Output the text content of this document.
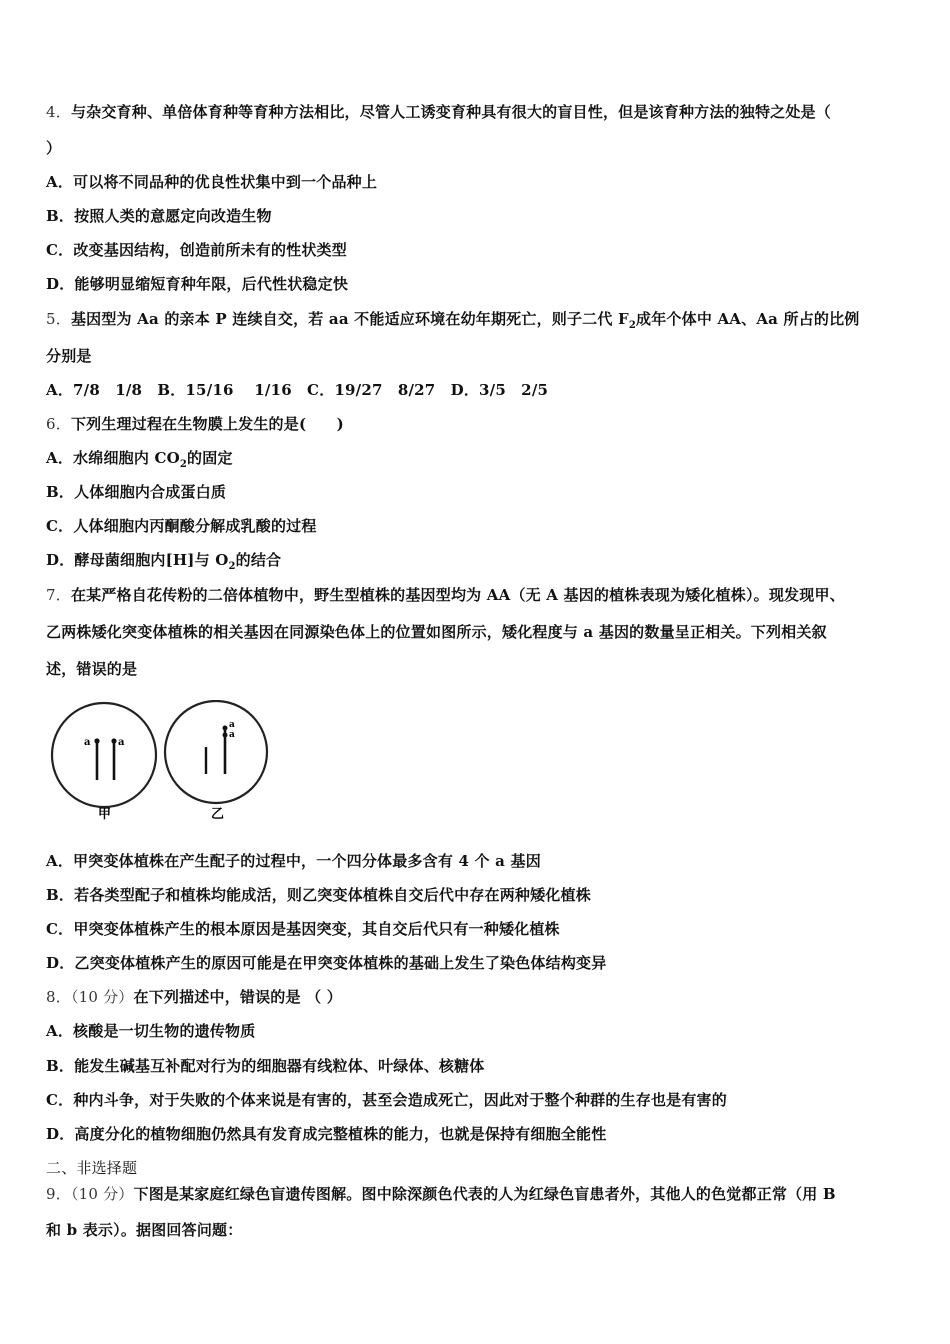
4．与杂交育种、单倍体育种等育种方法相比，尽管人工诱变育种具有很大的盲目性，但是该育种方法的独特之处是（
）
A．可以将不同品种的优良性状集中到一个品种上
B．按照人类的意愿定向改造生物
C．改变基因结构，创造前所未有的性状类型
D．能够明显缩短育种年限，后代性状稳定快
5．基因型为 Aa 的亲本 P 连续自交，若 aa 不能适应环境在幼年期死亡，则子二代 $F_2$成年个体中 AA、Aa 所占的比例
分别是
A．7/8　1/8　B．15/16　 1/16　C．19/27　8/27　D．3/5　2/5
6．下列生理过程在生物膜上发生的是(　　)
A．水绵细胞内 $CO_2$的固定
B．人体细胞内合成蛋白质
C．人体细胞内丙酮酸分解成乳酸的过程
D．酵母菌细胞内[H]与 $O_2$的结合
7．在某严格自花传粉的二倍体植物中，野生型植株的基因型均为 AA（无 A 基因的植株表现为矮化植株）。现发现甲、
乙两株矮化突变体植株的相关基因在同源染色体上的位置如图所示，矮化程度与 a 基因的数量呈正相关。下列相关叙
述，错误的是
a	a
甲
a
a
乙
A．甲突变体植株在产生配子的过程中，一个四分体最多含有 4 个 a 基因
B．若各类型配子和植株均能成活，则乙突变体植株自交后代中存在两种矮化植株
C．甲突变体植株产生的根本原因是基因突变，其自交后代只有一种矮化植株
D．乙突变体植株产生的原因可能是在甲突变体植株的基础上发生了染色体结构变异
8．（10 分）在下列描述中，错误的是 （ ）
A．核酸是一切生物的遗传物质
B．能发生碱基互补配对行为的细胞器有线粒体、叶绿体、核糖体
C．种内斗争，对于失败的个体来说是有害的，甚至会造成死亡，因此对于整个种群的生存也是有害的
D．高度分化的植物细胞仍然具有发育成完整植株的能力，也就是保持有细胞全能性
二、非选择题
9．（10 分）下图是某家庭红绿色盲遗传图解。图中除深颜色代表的人为红绿色盲患者外，其他人的色觉都正常（用 B
和 b 表示）。据图回答问题：
